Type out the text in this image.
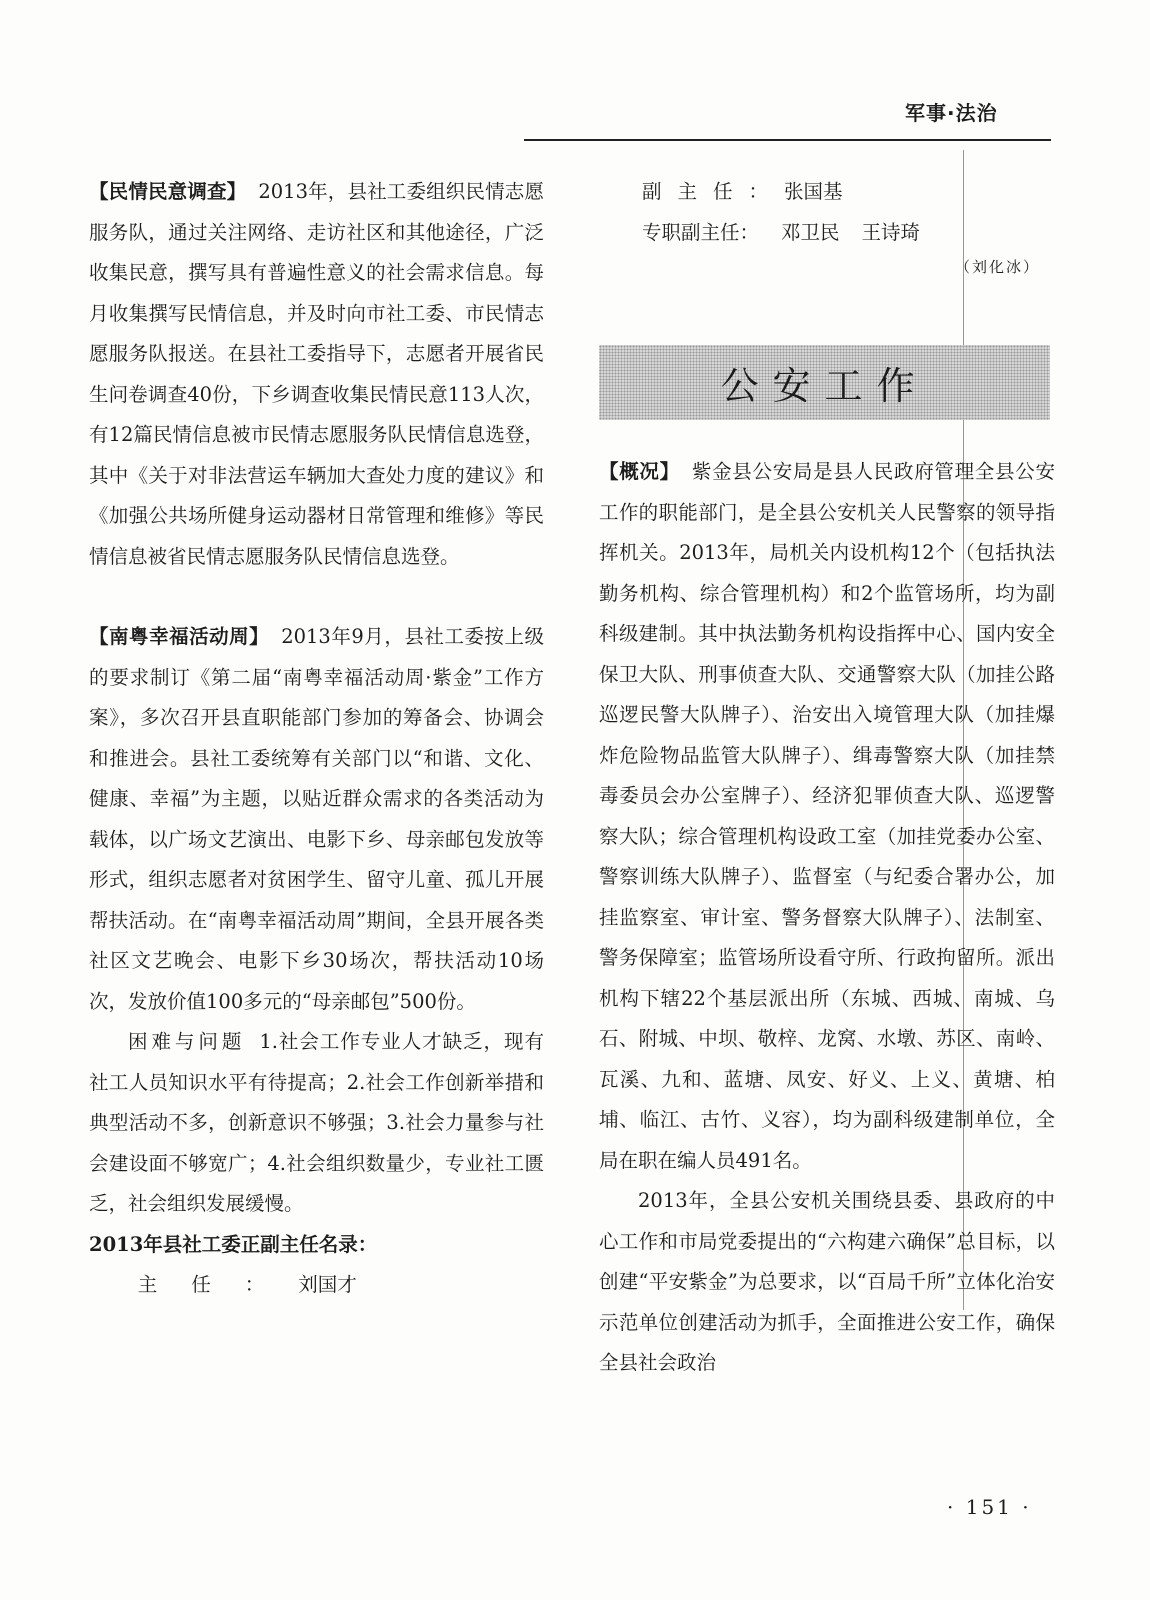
军事·法治

【民情民意调查】 2013年，县社工委组织民情志愿服务队，通过关注网络、走访社区和其他途径，广泛收集民意，撰写具有普遍性意义的社会需求信息。每月收集撰写民情信息，并及时向市社工委、市民情志愿服务队报送。在县社工委指导下，志愿者开展省民生问卷调查40份，下乡调查收集民情民意113人次，有12篇民情信息被市民情志愿服务队民情信息选登，其中《关于对非法营运车辆加大查处力度的建议》和《加强公共场所健身运动器材日常管理和维修》等民情信息被省民情志愿服务队民情信息选登。

【南粤幸福活动周】 2013年9月，县社工委按上级的要求制订《第二届“南粤幸福活动周·紫金”工作方案》，多次召开县直职能部门参加的筹备会、协调会和推进会。县社工委统筹有关部门以“和谐、文化、健康、幸福”为主题，以贴近群众需求的各类活动为载体，以广场文艺演出、电影下乡、母亲邮包发放等形式，组织志愿者对贫困学生、留守儿童、孤儿开展帮扶活动。在“南粤幸福活动周”期间，全县开展各类社区文艺晚会、电影下乡30场次，帮扶活动10场次，发放价值100多元的“母亲邮包”500份。

困难与问题 1.社会工作专业人才缺乏，现有社工人员知识水平有待提高；2.社会工作创新举措和典型活动不多，创新意识不够强；3.社会力量参与社会建设面不够宽广；4.社会组织数量少，专业社工匮乏，社会组织发展缓慢。

2013年县社工委正副主任名录：

主任：刘国才

副主任：张国基
专职副主任： 邓卫民 王诗琦
（刘化冰）
公安工作

【概况】 紫金县公安局是县人民政府管理全县公安工作的职能部门，是全县公安机关人民警察的领导指挥机关。2013年，局机关内设机构12个（包括执法勤务机构、综合管理机构）和2个监管场所，均为副科级建制。其中执法勤务机构设指挥中心、国内安全保卫大队、刑事侦查大队、交通警察大队（加挂公路巡逻民警大队牌子）、治安出入境管理大队（加挂爆炸危险物品监管大队牌子）、缉毒警察大队（加挂禁毒委员会办公室牌子）、经济犯罪侦查大队、巡逻警察大队；综合管理机构设政工室（加挂党委办公室、警察训练大队牌子）、监督室（与纪委合署办公，加挂监察室、审计室、警务督察大队牌子）、法制室、警务保障室；监管场所设看守所、行政拘留所。派出机构下辖22个基层派出所（东城、西城、南城、乌石、附城、中坝、敬梓、龙窝、水墩、苏区、南岭、瓦溪、九和、蓝塘、凤安、好义、上义、黄塘、柏埔、临江、古竹、义容），均为副科级建制单位，全局在职在编人员491名。

2013年，全县公安机关围绕县委、县政府的中心工作和市局党委提出的“六构建六确保”总目标，以创建“平安紫金”为总要求，以“百局千所”立体化治安示范单位创建活动为抓手，全面推进公安工作，确保全县社会政治

· 151 ·
